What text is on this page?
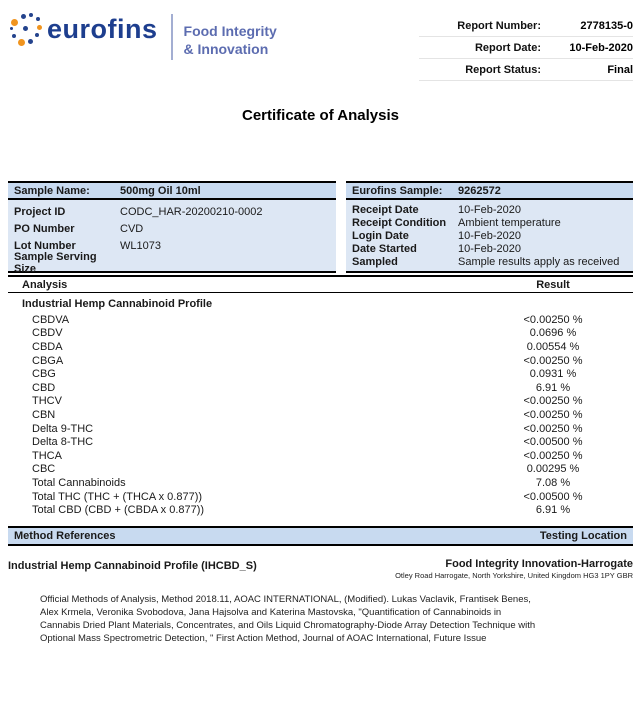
eurofins Food Integrity
& Innovation
Report Number:	2778135-0
Report Date:	10-Feb-2020
Report Status:	Final
Certificate of Analysis
Sample Name:	500mg Oil 10ml
Project ID	CODC_HAR-20200210-0002
PO Number	CVD
Lot Number	WL1073
Sample Serving Size
Eurofins Sample:	9262572
Receipt Date	10-Feb-2020
Receipt Condition	Ambient temperature
Login Date	10-Feb-2020
Date Started	10-Feb-2020
Sampled	Sample results apply as received
Analysis	Result
Industrial Hemp Cannabinoid Profile
CBDVA	<0.00250 %
CBDV	0.0696 %
CBDA	0.00554 %
CBGA	<0.00250 %
CBG	0.0931 %
CBD	6.91 %
THCV	<0.00250 %
CBN	<0.00250 %
Delta 9-THC	<0.00250 %
Delta 8-THC	<0.00500 %
THCA	<0.00250 %
CBC	0.00295 %
Total Cannabinoids	7.08 %
Total THC (THC + (THCA x 0.877))	<0.00500 %
Total CBD (CBD + (CBDA x 0.877))	6.91 %
Method References	Testing Location
Industrial Hemp Cannabinoid Profile (IHCBD_S)	Food Integrity Innovation-Harrogate
Otley Road Harrogate, North Yorkshire, United Kingdom HG3 1PY GBR

Official Methods of Analysis, Method 2018.11, AOAC INTERNATIONAL, (Modified). Lukas Vaclavik, Frantisek Benes, Alex Krmela, Veronika Svobodova, Jana Hajsolva and Katerina Mastovska, "Quantification of Cannabinoids in Cannabis Dried Plant Materials, Concentrates, and Oils Liquid Chromatography-Diode Array Detection Technique with Optional Mass Spectrometric Detection, " First Action Method, Journal of AOAC International, Future Issue
